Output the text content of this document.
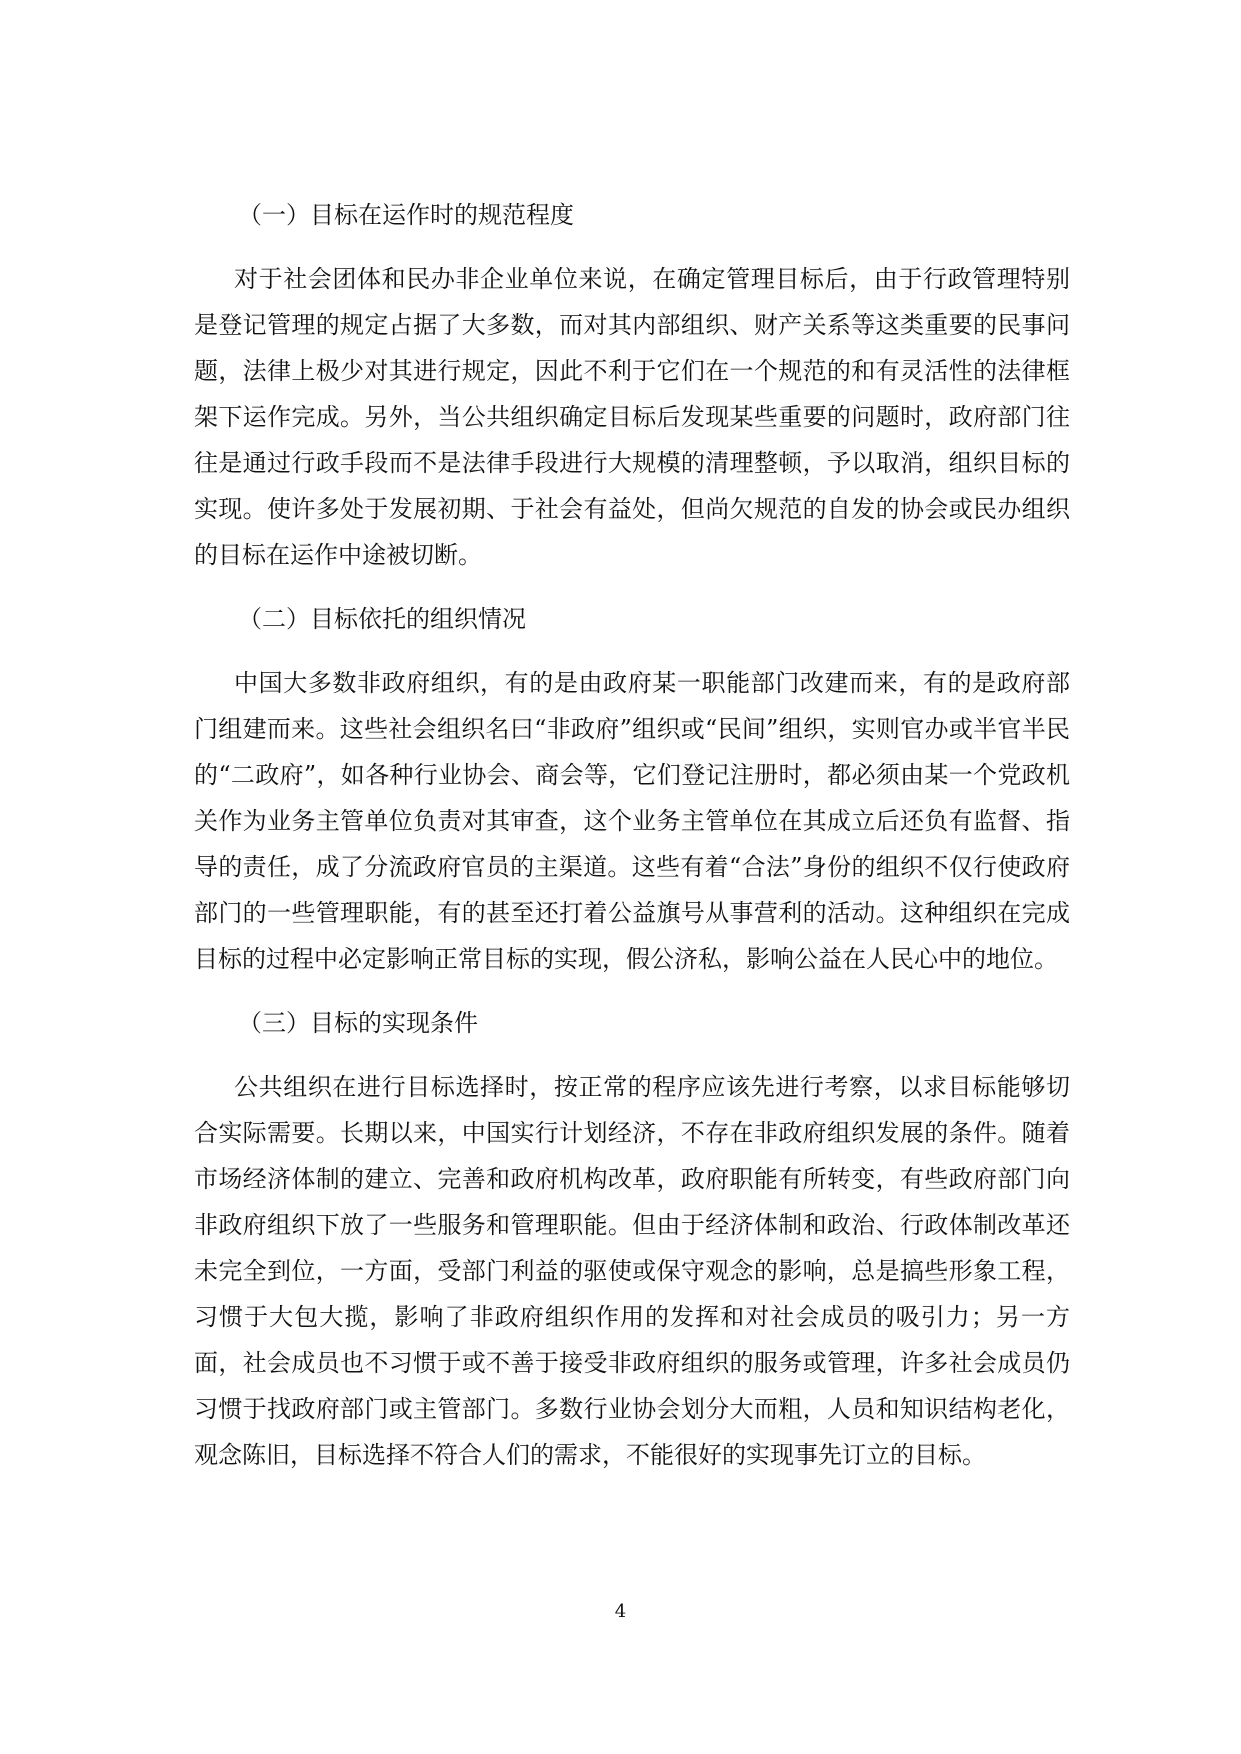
（一）目标在运作时的规范程度

对于社会团体和民办非企业单位来说，在确定管理目标后，由于行政管理特别是登记管理的规定占据了大多数，而对其内部组织、财产关系等这类重要的民事问题，法律上极少对其进行规定，因此不利于它们在一个规范的和有灵活性的法律框架下运作完成。另外，当公共组织确定目标后发现某些重要的问题时，政府部门往往是通过行政手段而不是法律手段进行大规模的清理整顿，予以取消，组织目标的实现。使许多处于发展初期、于社会有益处，但尚欠规范的自发的协会或民办组织的目标在运作中途被切断。

（二）目标依托的组织情况

中国大多数非政府组织，有的是由政府某一职能部门改建而来，有的是政府部门组建而来。这些社会组织名曰“非政府”组织或“民间”组织，实则官办或半官半民的“二政府”，如各种行业协会、商会等，它们登记注册时，都必须由某一个党政机关作为业务主管单位负责对其审查，这个业务主管单位在其成立后还负有监督、指导的责任，成了分流政府官员的主渠道。这些有着“合法”身份的组织不仅行使政府部门的一些管理职能，有的甚至还打着公益旗号从事营利的活动。这种组织在完成目标的过程中必定影响正常目标的实现，假公济私，影响公益在人民心中的地位。

（三）目标的实现条件

公共组织在进行目标选择时，按正常的程序应该先进行考察，以求目标能够切合实际需要。长期以来，中国实行计划经济，不存在非政府组织发展的条件。随着市场经济体制的建立、完善和政府机构改革，政府职能有所转变，有些政府部门向非政府组织下放了一些服务和管理职能。但由于经济体制和政治、行政体制改革还未完全到位，一方面，受部门利益的驱使或保守观念的影响，总是搞些形象工程，习惯于大包大揽，影响了非政府组织作用的发挥和对社会成员的吸引力；另一方面，社会成员也不习惯于或不善于接受非政府组织的服务或管理，许多社会成员仍习惯于找政府部门或主管部门。多数行业协会划分大而粗，人员和知识结构老化，观念陈旧，目标选择不符合人们的需求，不能很好的实现事先订立的目标。

4
